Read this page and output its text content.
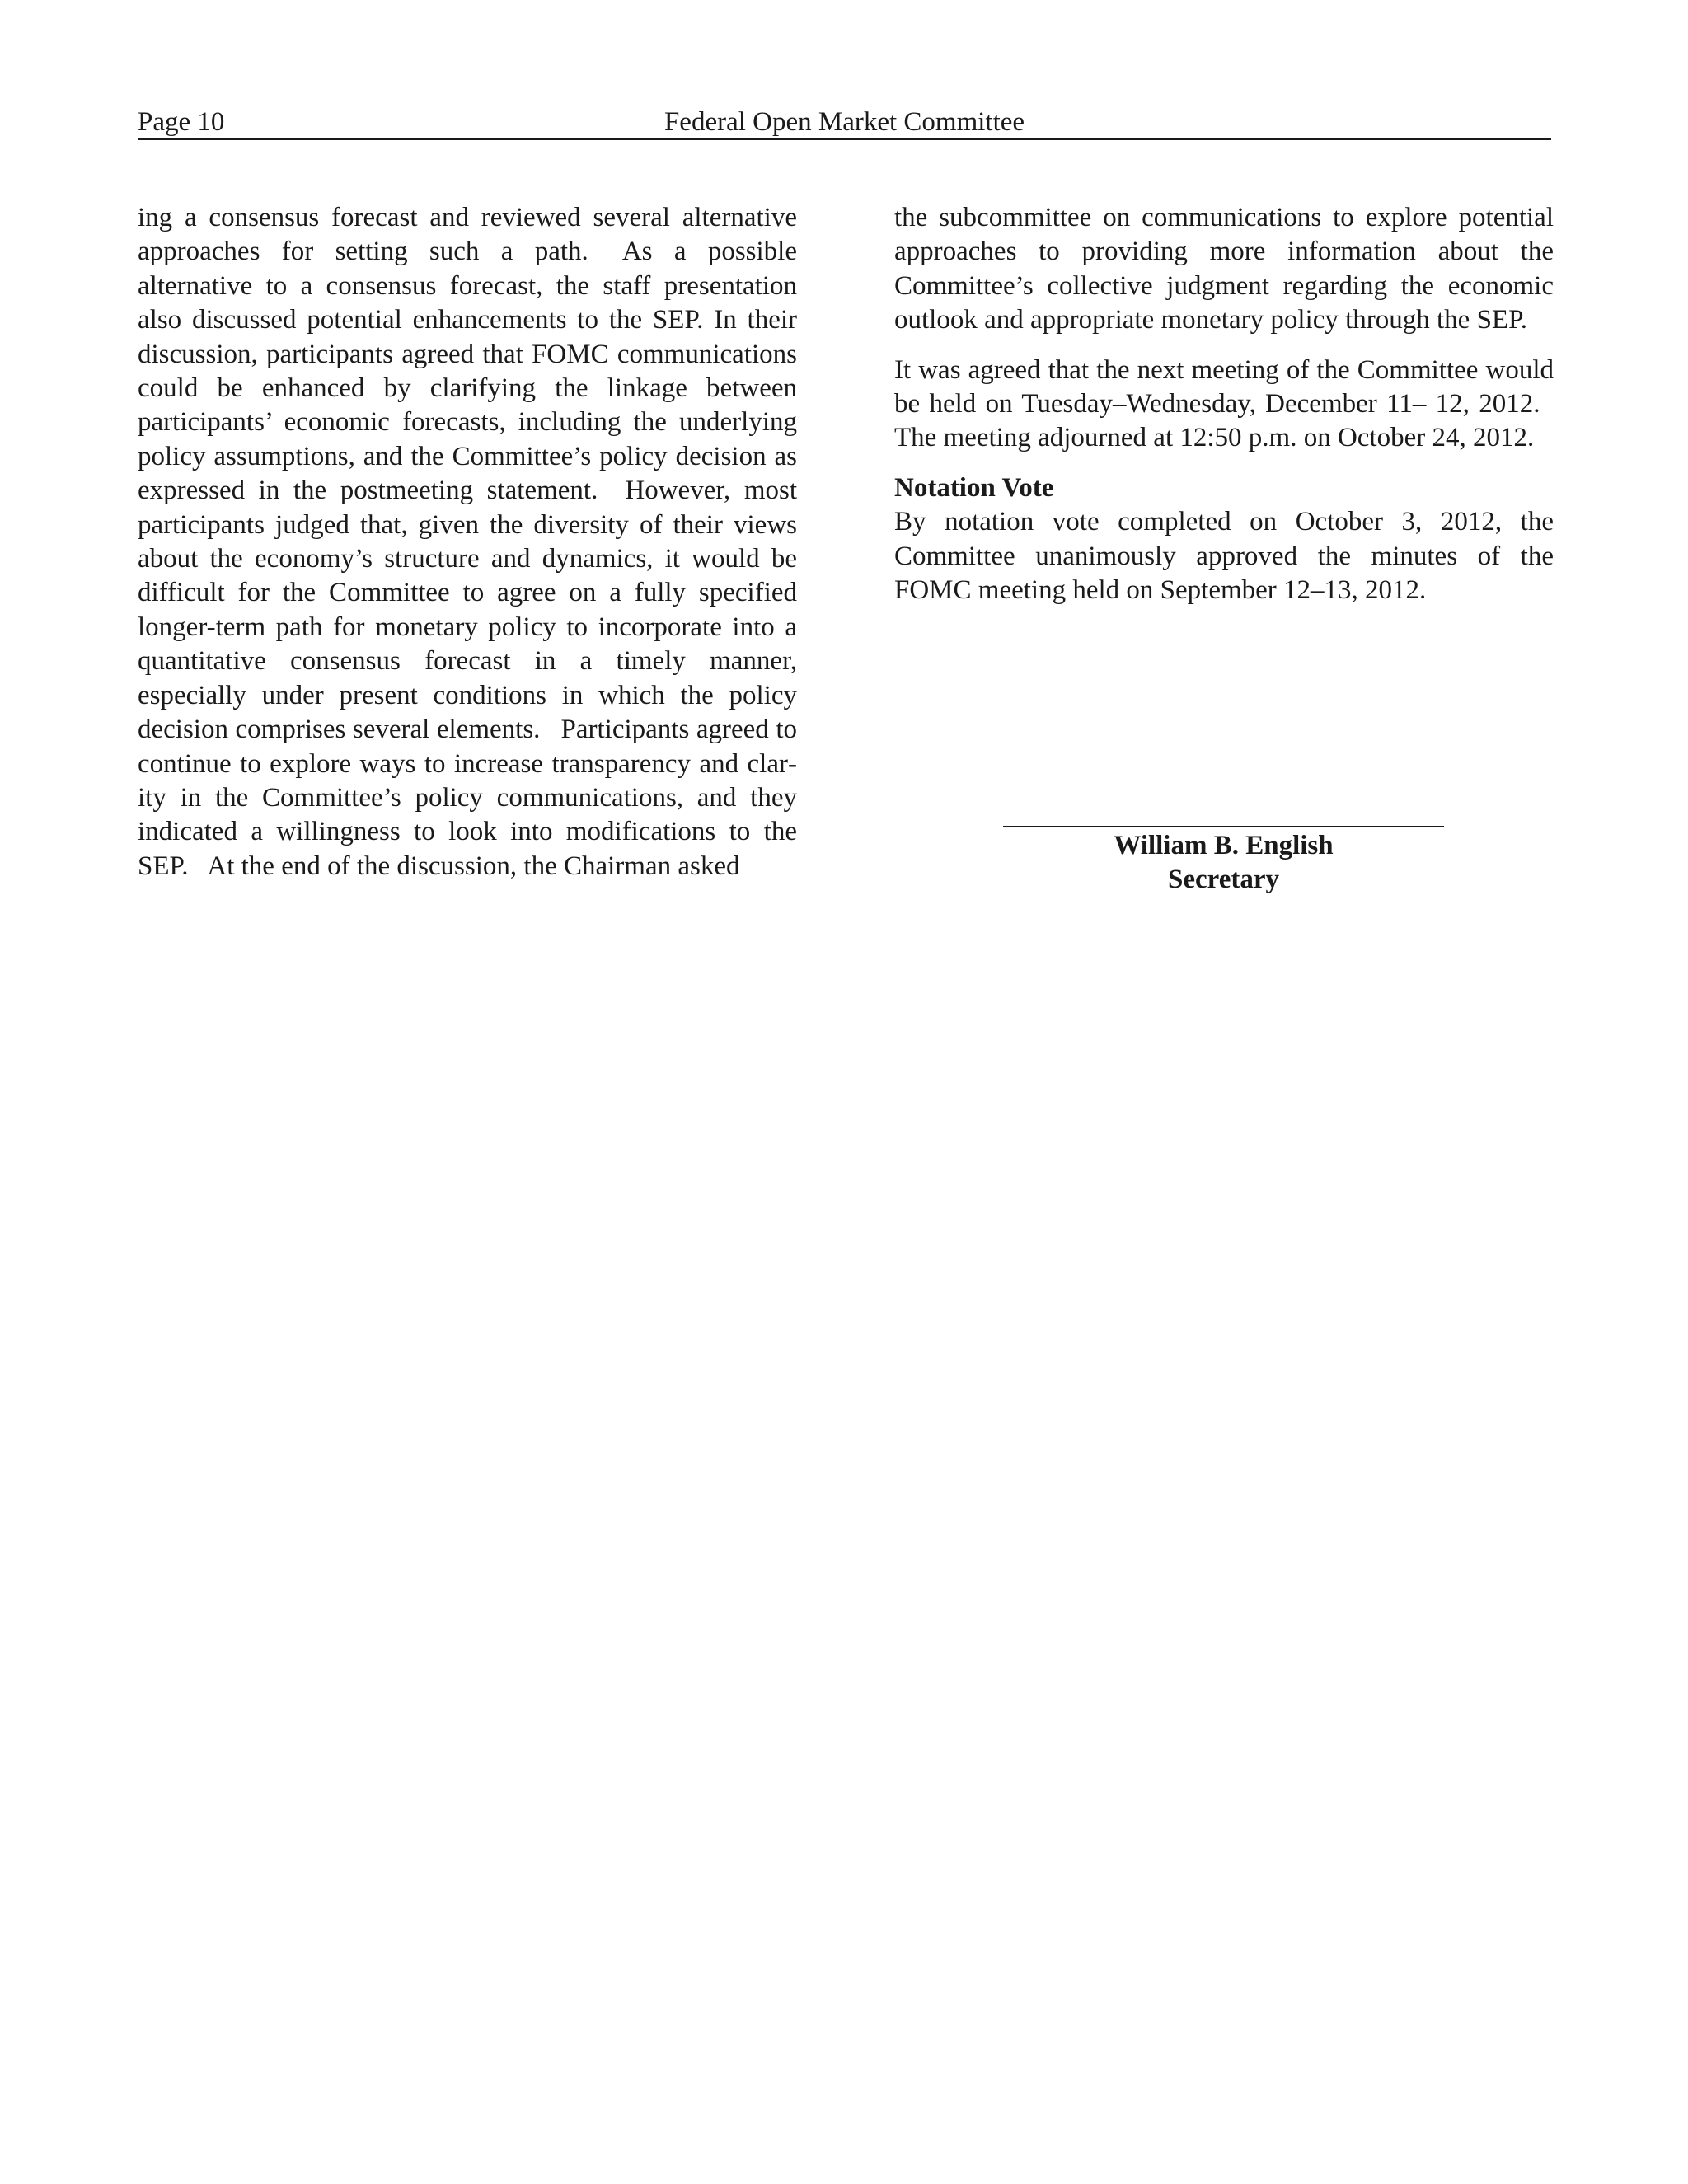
Page 10	Federal Open Market Committee

ing a consensus forecast and reviewed several alternative approaches for setting such a path.  As a possible alternative to a consensus forecast, the staff presentation also discussed potential enhancements to the SEP. In their discussion, participants agreed that FOMC communications could be enhanced by clarifying the linkage between participants’ economic forecasts, including the underlying policy assumptions, and the Committee’s policy decision as expressed in the postmeeting statement.  However, most participants judged that, given the diversity of their views about the economy’s structure and dynamics, it would be difficult for the Committee to agree on a fully specified longer-term path for monetary policy to incorporate into a quantitative consensus forecast in a timely manner, especially under present conditions in which the policy decision comprises several elements.  Participants agreed to continue to explore ways to increase transparency and clarity in the Committee’s policy communications, and they indicated a willingness to look into modifications to the SEP.  At the end of the discussion, the Chairman asked

the subcommittee on communications to explore potential approaches to providing more information about the Committee’s collective judgment regarding the economic outlook and appropriate monetary policy through the SEP.

It was agreed that the next meeting of the Committee would be held on Tuesday–Wednesday, December 11– 12, 2012.  The meeting adjourned at 12:50 p.m. on October 24, 2012.

Notation Vote

By notation vote completed on October 3, 2012, the Committee unanimously approved the minutes of the FOMC meeting held on September 12–13, 2012.

William B. English
Secretary
